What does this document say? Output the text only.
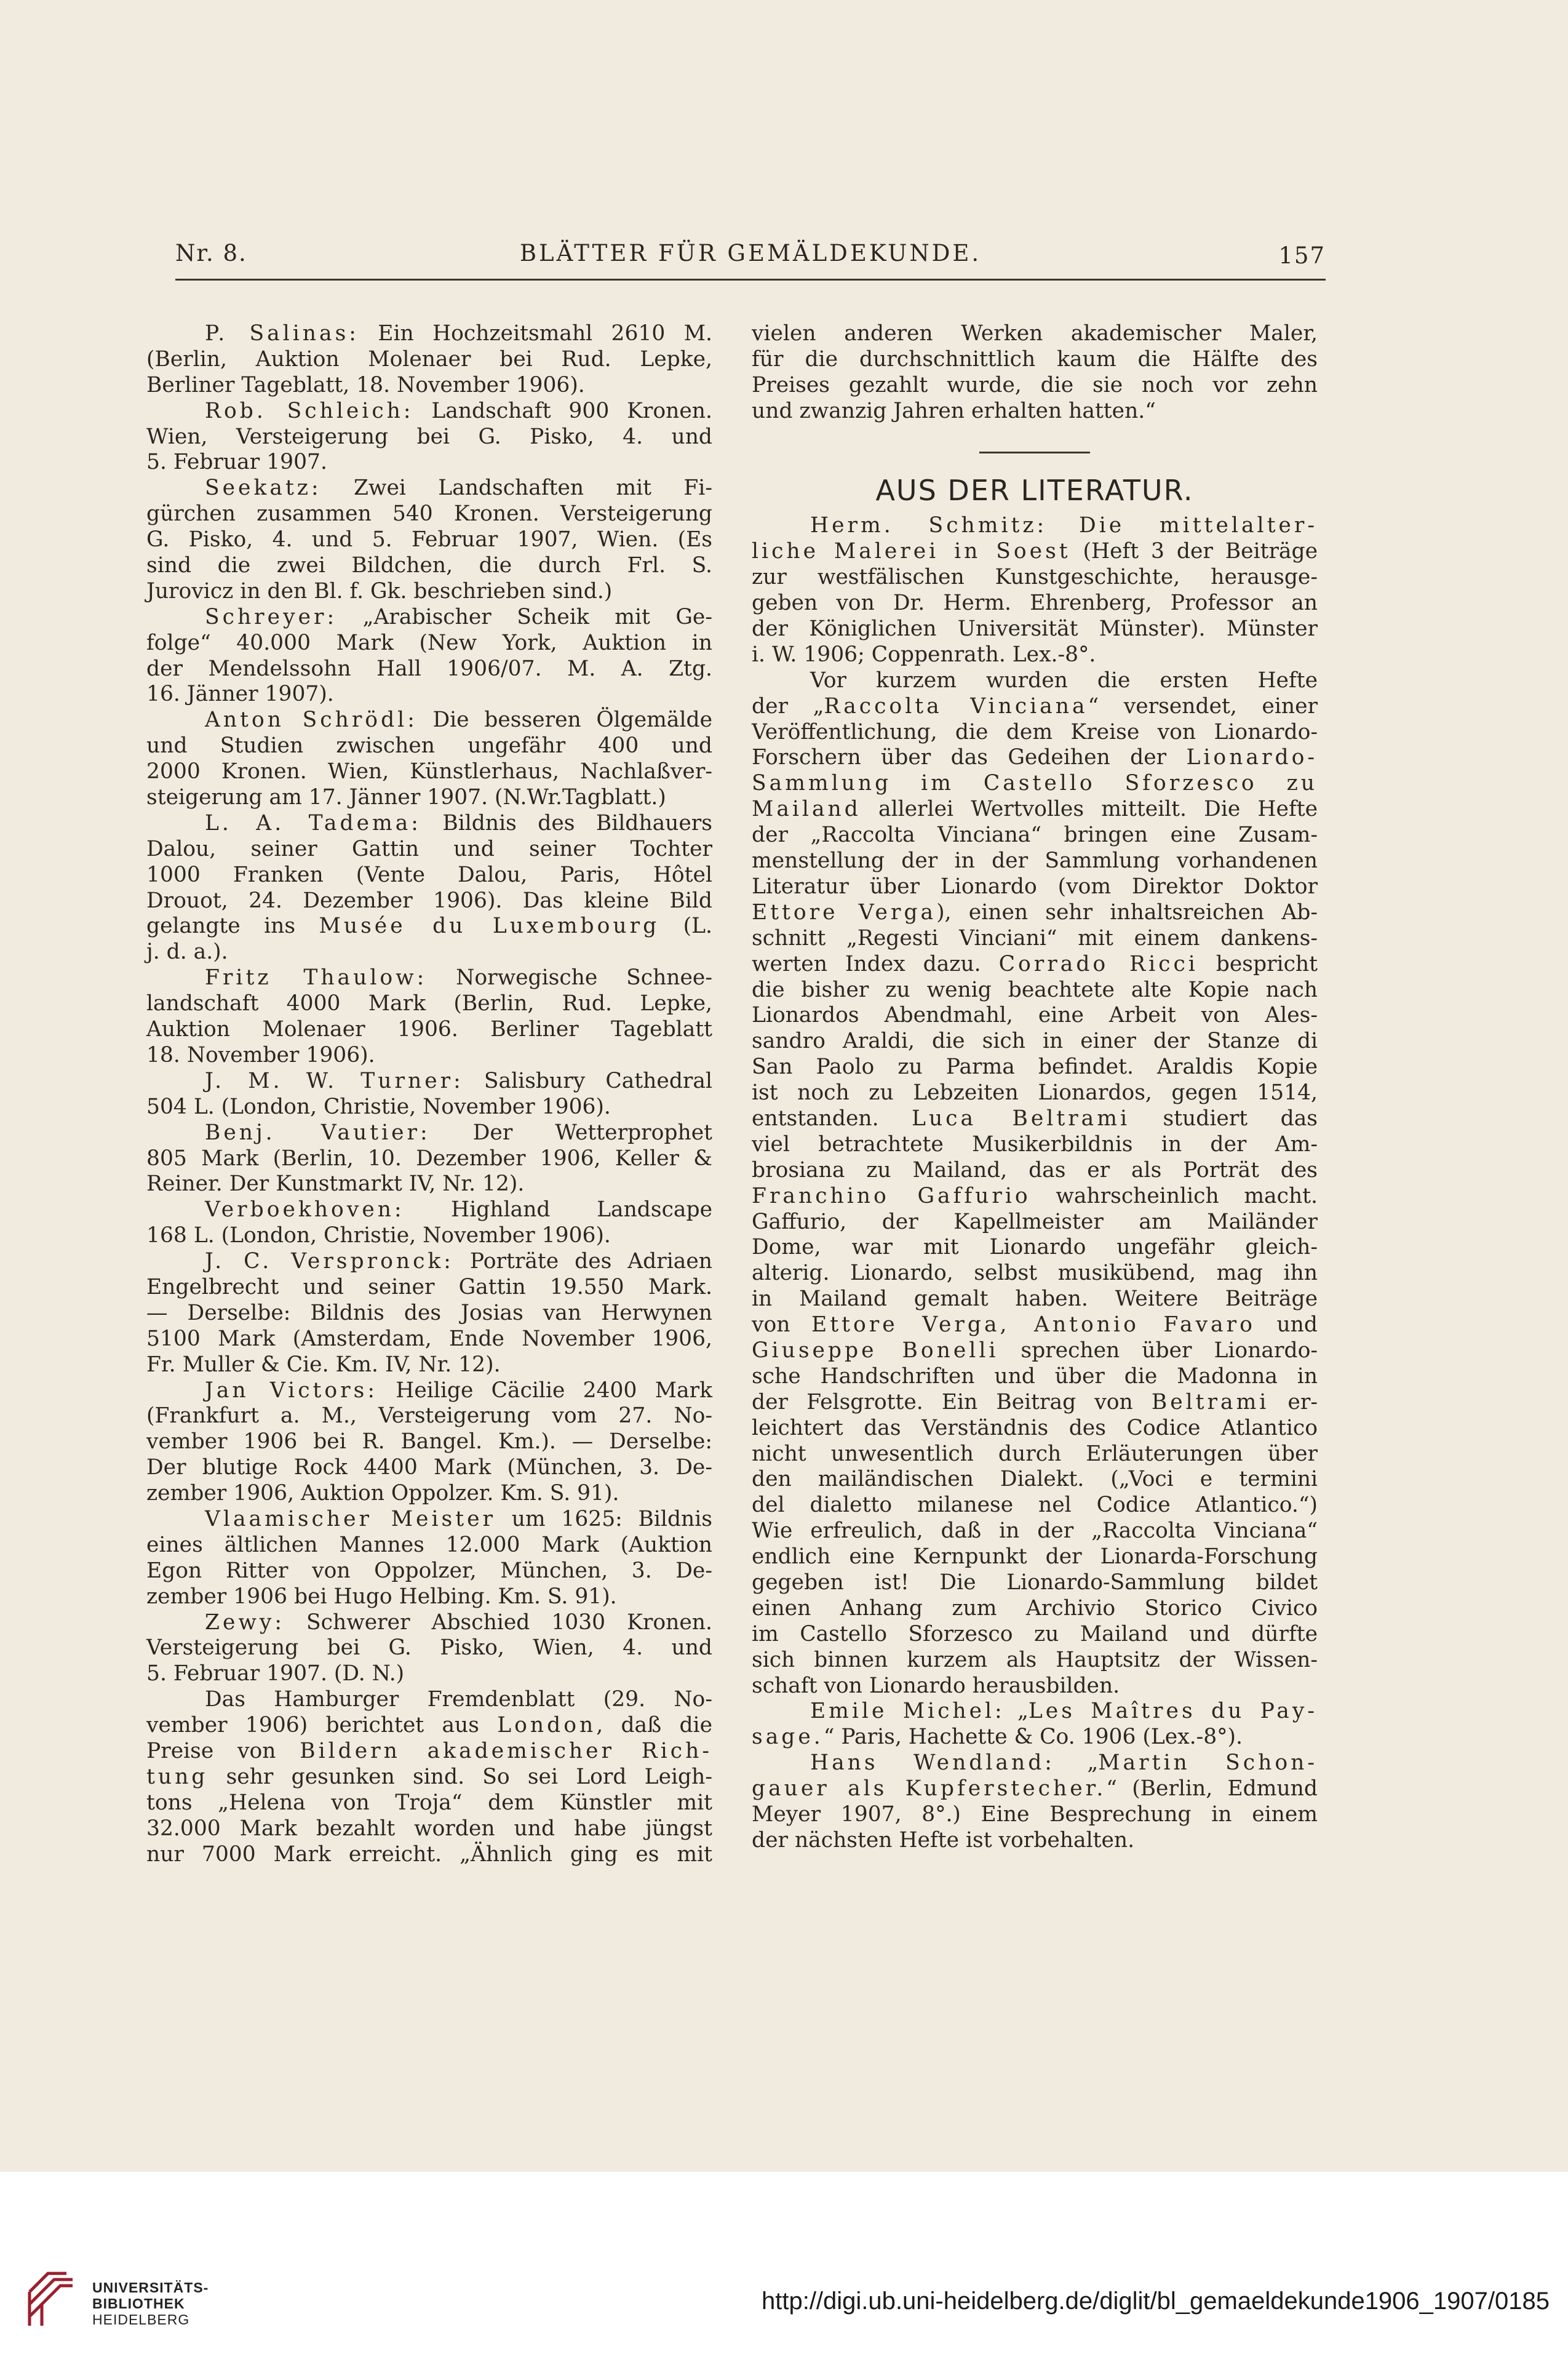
Nr. 8.	BLÄTTER FÜR GEMÄLDEKUNDE.	157
P. Salinas: Ein Hochzeitsmahl 2610 M.
(Berlin, Auktion Molenaer bei Rud. Lepke,
Berliner Tageblatt, 18. November 1906).
Rob. Schleich: Landschaft 900 Kronen.
Wien, Versteigerung bei G. Pisko, 4. und
5. Februar 1907.
Seekatz: Zwei Landschaften mit Fi-
gürchen zusammen 540 Kronen. Versteigerung
G. Pisko, 4. und 5. Februar 1907, Wien. (Es
sind die zwei Bildchen, die durch Frl. S.
Jurovicz in den Bl. f. Gk. beschrieben sind.)
Schreyer: „Arabischer Scheik mit Ge-
folge“ 40.000 Mark (New York, Auktion in
der Mendelssohn Hall 1906/07. M. A. Ztg.
16. Jänner 1907).
Anton Schrödl: Die besseren Ölgemälde
und Studien zwischen ungefähr 400 und
2000 Kronen. Wien, Künstlerhaus, Nachlaßver-
steigerung am 17. Jänner 1907. (N.Wr.Tagblatt.)
L. A. Tadema: Bildnis des Bildhauers
Dalou, seiner Gattin und seiner Tochter
1000 Franken (Vente Dalou, Paris, Hôtel
Drouot, 24. Dezember 1906). Das kleine Bild
gelangte ins Musée du Luxembourg (L.
j. d. a.).
Fritz Thaulow: Norwegische Schnee-
landschaft 4000 Mark (Berlin, Rud. Lepke,
Auktion Molenaer 1906. Berliner Tageblatt
18. November 1906).
J. M. W. Turner: Salisbury Cathedral
504 L. (London, Christie, November 1906).
Benj. Vautier: Der Wetterprophet
805 Mark (Berlin, 10. Dezember 1906, Keller &
Reiner. Der Kunstmarkt IV, Nr. 12).
Verboekhoven: Highland Landscape
168 L. (London, Christie, November 1906).
J. C. Verspronck: Porträte des Adriaen
Engelbrecht und seiner Gattin 19.550 Mark.
— Derselbe: Bildnis des Josias van Herwynen
5100 Mark (Amsterdam, Ende November 1906,
Fr. Muller & Cie. Km. IV, Nr. 12).
Jan Victors: Heilige Cäcilie 2400 Mark
(Frankfurt a. M., Versteigerung vom 27. No-
vember 1906 bei R. Bangel. Km.). — Derselbe:
Der blutige Rock 4400 Mark (München, 3. De-
zember 1906, Auktion Oppolzer. Km. S. 91).
Vlaamischer Meister um 1625: Bildnis
eines ältlichen Mannes 12.000 Mark (Auktion
Egon Ritter von Oppolzer, München, 3. De-
zember 1906 bei Hugo Helbing. Km. S. 91).
Zewy: Schwerer Abschied 1030 Kronen.
Versteigerung bei G. Pisko, Wien, 4. und
5. Februar 1907. (D. N.)
Das Hamburger Fremdenblatt (29. No-
vember 1906) berichtet aus London, daß die
Preise von Bildern akademischer Rich-
tung sehr gesunken sind. So sei Lord Leigh-
tons „Helena von Troja“ dem Künstler mit
32.000 Mark bezahlt worden und habe jüngst
nur 7000 Mark erreicht. „Ähnlich ging es mit
vielen anderen Werken akademischer Maler,
für die durchschnittlich kaum die Hälfte des
Preises gezahlt wurde, die sie noch vor zehn
und zwanzig Jahren erhalten hatten.“
AUS DER LITERATUR.
Herm. Schmitz: Die mittelalter-
liche Malerei in Soest (Heft 3 der Beiträge
zur westfälischen Kunstgeschichte, herausge-
geben von Dr. Herm. Ehrenberg, Professor an
der Königlichen Universität Münster). Münster
i. W. 1906; Coppenrath. Lex.-8°.
Vor kurzem wurden die ersten Hefte
der „Raccolta Vinciana“ versendet, einer
Veröffentlichung, die dem Kreise von Lionardo-
Forschern über das Gedeihen der Lionardo-
Sammlung im Castello Sforzesco zu
Mailand allerlei Wertvolles mitteilt. Die Hefte
der „Raccolta Vinciana“ bringen eine Zusam-
menstellung der in der Sammlung vorhandenen
Literatur über Lionardo (vom Direktor Doktor
Ettore Verga), einen sehr inhaltsreichen Ab-
schnitt „Regesti Vinciani“ mit einem dankens-
werten Index dazu. Corrado Ricci bespricht
die bisher zu wenig beachtete alte Kopie nach
Lionardos Abendmahl, eine Arbeit von Ales-
sandro Araldi, die sich in einer der Stanze di
San Paolo zu Parma befindet. Araldis Kopie
ist noch zu Lebzeiten Lionardos, gegen 1514,
entstanden. Luca Beltrami studiert das
viel betrachtete Musikerbildnis in der Am-
brosiana zu Mailand, das er als Porträt des
Franchino Gaffurio wahrscheinlich macht.
Gaffurio, der Kapellmeister am Mailänder
Dome, war mit Lionardo ungefähr gleich-
alterig. Lionardo, selbst musikübend, mag ihn
in Mailand gemalt haben. Weitere Beiträge
von Ettore Verga, Antonio Favaro und
Giuseppe Bonelli sprechen über Lionardo-
sche Handschriften und über die Madonna in
der Felsgrotte. Ein Beitrag von Beltrami er-
leichtert das Verständnis des Codice Atlantico
nicht unwesentlich durch Erläuterungen über
den mailändischen Dialekt. („Voci e termini
del dialetto milanese nel Codice Atlantico.“)
Wie erfreulich, daß in der „Raccolta Vinciana“
endlich eine Kernpunkt der Lionarda-Forschung
gegeben ist! Die Lionardo-Sammlung bildet
einen Anhang zum Archivio Storico Civico
im Castello Sforzesco zu Mailand und dürfte
sich binnen kurzem als Hauptsitz der Wissen-
schaft von Lionardo herausbilden.
Emile Michel: „Les Maîtres du Pay-
sage.“ Paris, Hachette & Co. 1906 (Lex.-8°).
Hans Wendland: „Martin Schon-
gauer als Kupferstecher.“ (Berlin, Edmund
Meyer 1907, 8°.) Eine Besprechung in einem
der nächsten Hefte ist vorbehalten.
UNIVERSITÄTS-
BIBLIOTHEK
HEIDELBERG
http://digi.ub.uni-heidelberg.de/diglit/bl_gemaeldekunde1906_1907/0185
